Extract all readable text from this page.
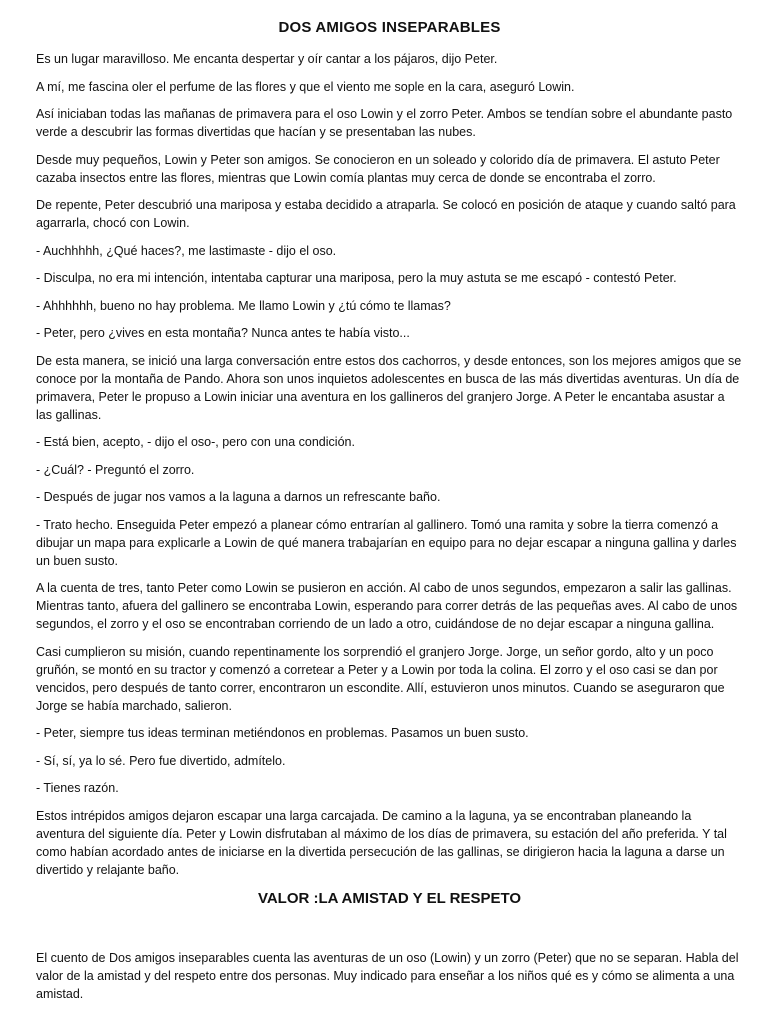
DOS AMIGOS INSEPARABLES

Es un lugar maravilloso. Me encanta despertar y oír cantar a los pájaros, dijo Peter.

A mí, me fascina oler el perfume de las flores y que el viento me sople en la cara, aseguró Lowin.

Así iniciaban todas las mañanas de primavera para el oso Lowin y el zorro Peter. Ambos se tendían sobre el abundante pasto verde a descubrir las formas divertidas que hacían y se presentaban las nubes.

Desde muy pequeños, Lowin y Peter son amigos. Se conocieron en un soleado y colorido día de primavera. El astuto Peter cazaba insectos entre las flores, mientras que Lowin comía plantas muy cerca de donde se encontraba el zorro.

De repente, Peter descubrió una mariposa y estaba decidido a atraparla. Se colocó en posición de ataque y cuando saltó para agarrarla, chocó con Lowin.

- Auchhhhh, ¿Qué haces?, me lastimaste - dijo el oso.

- Disculpa, no era mi intención, intentaba capturar una mariposa, pero la muy astuta se me escapó - contestó Peter.

- Ahhhhhh, bueno no hay problema. Me llamo Lowin y ¿tú cómo te llamas?

- Peter, pero ¿vives en esta montaña? Nunca antes te había visto...

De esta manera, se inició una larga conversación entre estos dos cachorros, y desde entonces, son los mejores amigos que se conoce por la montaña de Pando. Ahora son unos inquietos adolescentes en busca de las más divertidas aventuras. Un día de primavera, Peter le propuso a Lowin iniciar una aventura en los gallineros del granjero Jorge. A Peter le encantaba asustar a las gallinas.

- Está bien, acepto, - dijo el oso-, pero con una condición.

- ¿Cuál? - Preguntó el zorro.

- Después de jugar nos vamos a la laguna a darnos un refrescante baño.

- Trato hecho. Enseguida Peter empezó a planear cómo entrarían al gallinero. Tomó una ramita y sobre la tierra comenzó a dibujar un mapa para explicarle a Lowin de qué manera trabajarían en equipo para no dejar escapar a ninguna gallina y darles un buen susto.

A la cuenta de tres, tanto Peter como Lowin se pusieron en acción. Al cabo de unos segundos, empezaron a salir las gallinas. Mientras tanto, afuera del gallinero se encontraba Lowin, esperando para correr detrás de las pequeñas aves. Al cabo de unos segundos, el zorro y el oso se encontraban corriendo de un lado a otro, cuidándose de no dejar escapar a ninguna gallina.

Casi cumplieron su misión, cuando repentinamente los sorprendió el granjero Jorge. Jorge, un señor gordo, alto y un poco gruñón, se montó en su tractor y comenzó a corretear a Peter y a Lowin por toda la colina. El zorro y el oso casi se dan por vencidos, pero después de tanto correr, encontraron un escondite. Allí, estuvieron unos minutos. Cuando se aseguraron que Jorge se había marchado, salieron.

- Peter, siempre tus ideas terminan metiéndonos en problemas. Pasamos un buen susto.

- Sí, sí, ya lo sé. Pero fue divertido, admítelo.

- Tienes razón.

Estos intrépidos amigos dejaron escapar una larga carcajada. De camino a la laguna, ya se encontraban planeando la aventura del siguiente día. Peter y Lowin disfrutaban al máximo de los días de primavera, su estación del año preferida. Y tal como habían acordado antes de iniciarse en la divertida persecución de las gallinas, se dirigieron hacia la laguna a darse un divertido y relajante baño.

VALOR :LA AMISTAD Y EL RESPETO

El cuento de Dos amigos inseparables cuenta las aventuras de un oso (Lowin) y un zorro (Peter) que no se separan. Habla del valor de la amistad y del respeto entre dos personas. Muy indicado para enseñar a los niños qué es y cómo se alimenta a una amistad.
